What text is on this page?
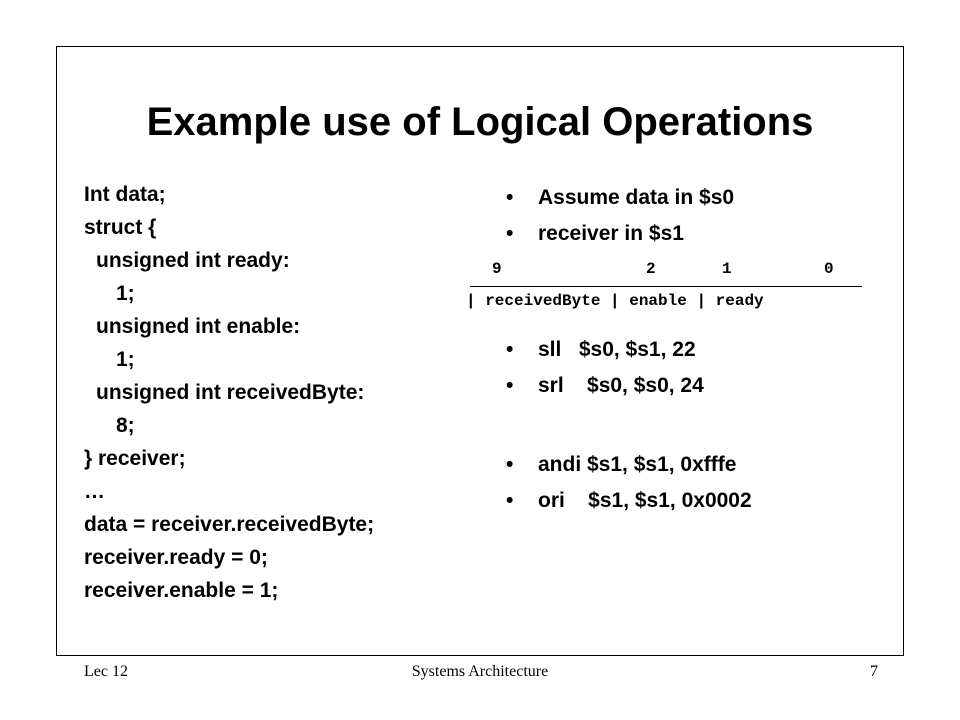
Example use of Logical Operations
Int data;
struct {
unsigned int ready:
1;
unsigned int enable:
1;
unsigned int receivedByte:
8;
} receiver;
…
data = receiver.receivedByte;
receiver.ready = 0;
receiver.enable = 1;
• Assume data in $s0
• receiver in $s1
9	2	1	0
| receivedByte | enable | ready
• sll   $s0, $s1, 22
• srl    $s0, $s0, 24
• andi $s1, $s1, 0xfffe
• ori    $s1, $s1, 0x0002
Lec 12	Systems Architecture	7
